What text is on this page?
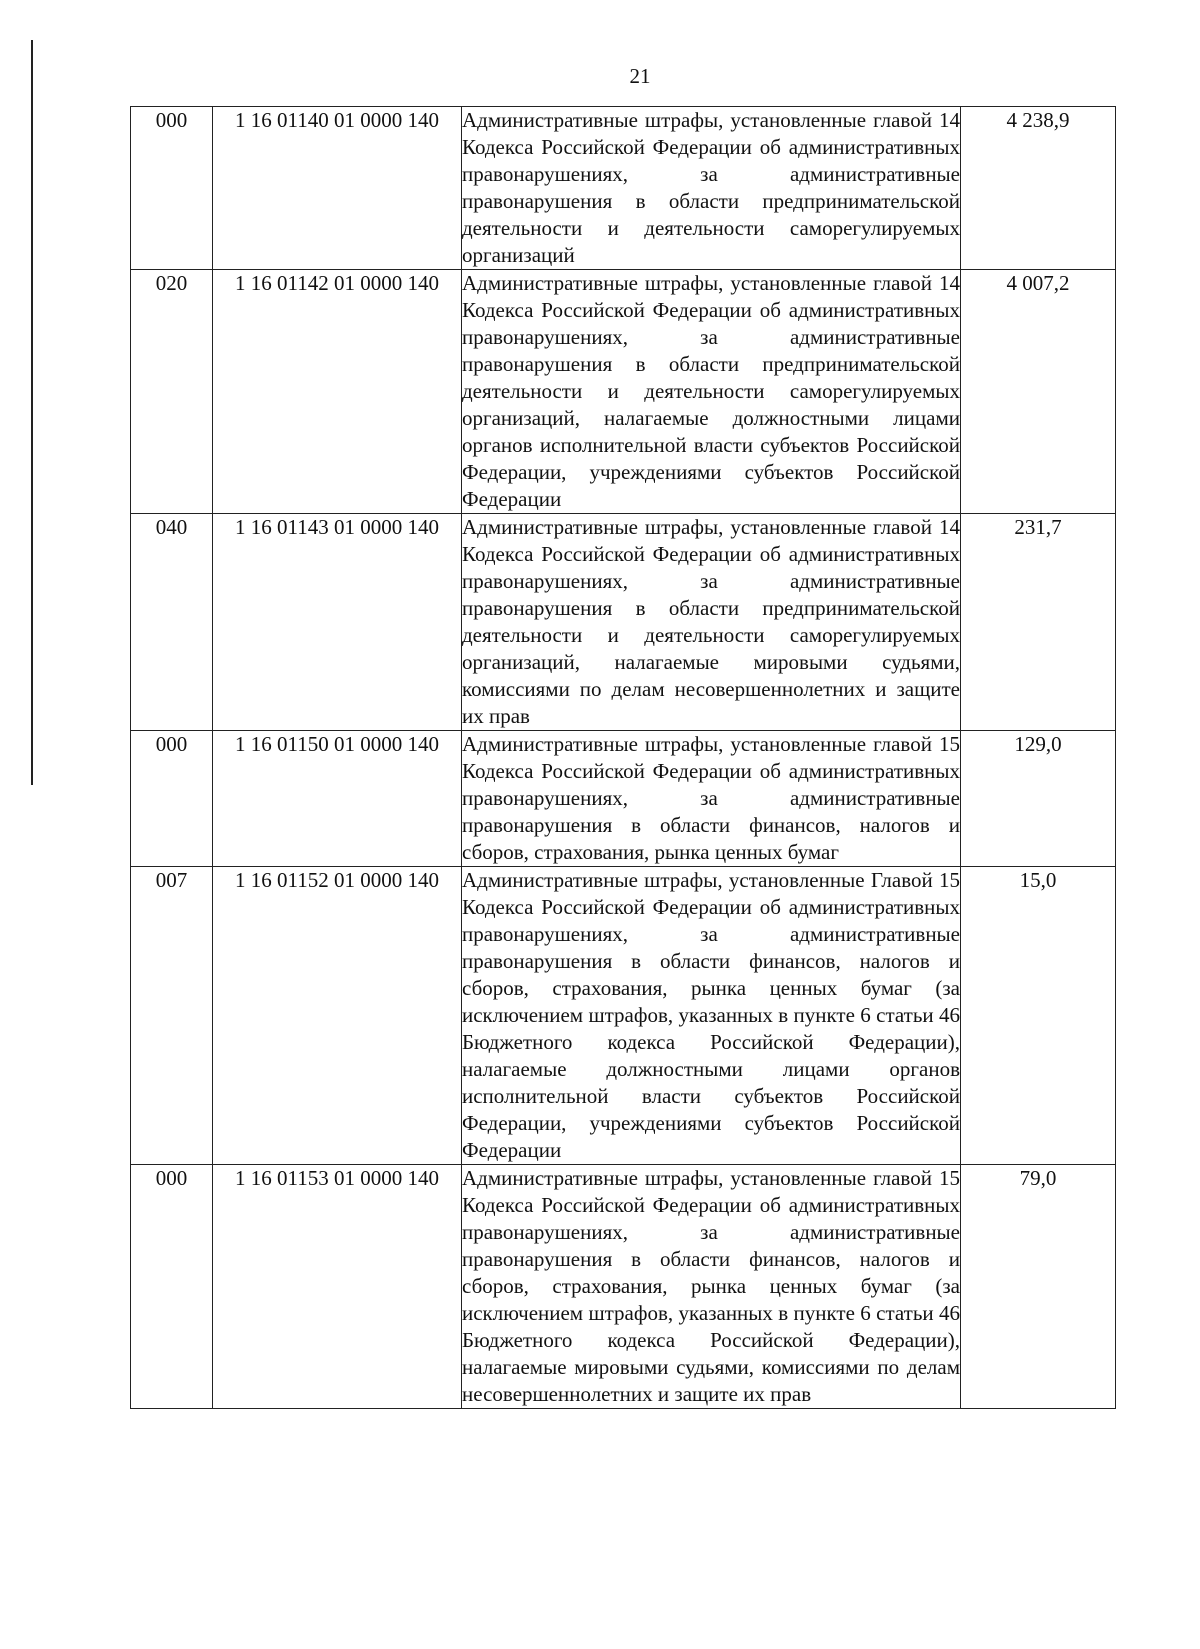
21
000	1 16 01140 01 0000 140	Административные штрафы, установленные главой 14 Кодекса Российской Федерации об административных правонарушениях, за административные правонарушения в области предпринимательской деятельности и деятельности саморегулируемых организаций	4 238,9
020	1 16 01142 01 0000 140	Административные штрафы, установленные главой 14 Кодекса Российской Федерации об административных правонарушениях, за административные правонарушения в области предпринимательской деятельности и деятельности саморегулируемых организаций, налагаемые должностными лицами органов исполнительной власти субъектов Российской Федерации, учреждениями субъектов Российской Федерации	4 007,2
040	1 16 01143 01 0000 140	Административные штрафы, установленные главой 14 Кодекса Российской Федерации об административных правонарушениях, за административные правонарушения в области предпринимательской деятельности и деятельности саморегулируемых организаций, налагаемые мировыми судьями, комиссиями по делам несовершеннолетних и защите их прав	231,7
000	1 16 01150 01 0000 140	Административные штрафы, установленные главой 15 Кодекса Российской Федерации об административных правонарушениях, за административные правонарушения в области финансов, налогов и сборов, страхования, рынка ценных бумаг	129,0
007	1 16 01152 01 0000 140	Административные штрафы, установленные Главой 15 Кодекса Российской Федерации об административных правонарушениях, за административные правонарушения в области финансов, налогов и сборов, страхования, рынка ценных бумаг (за исключением штрафов, указанных в пункте 6 статьи 46 Бюджетного кодекса Российской Федерации), налагаемые должностными лицами органов исполнительной власти субъектов Российской Федерации, учреждениями субъектов Российской Федерации	15,0
000	1 16 01153 01 0000 140	Административные штрафы, установленные главой 15 Кодекса Российской Федерации об административных правонарушениях, за административные правонарушения в области финансов, налогов и сборов, страхования, рынка ценных бумаг (за исключением штрафов, указанных в пункте 6 статьи 46 Бюджетного кодекса Российской Федерации), налагаемые мировыми судьями, комиссиями по делам несовершеннолетних и защите их прав	79,0
